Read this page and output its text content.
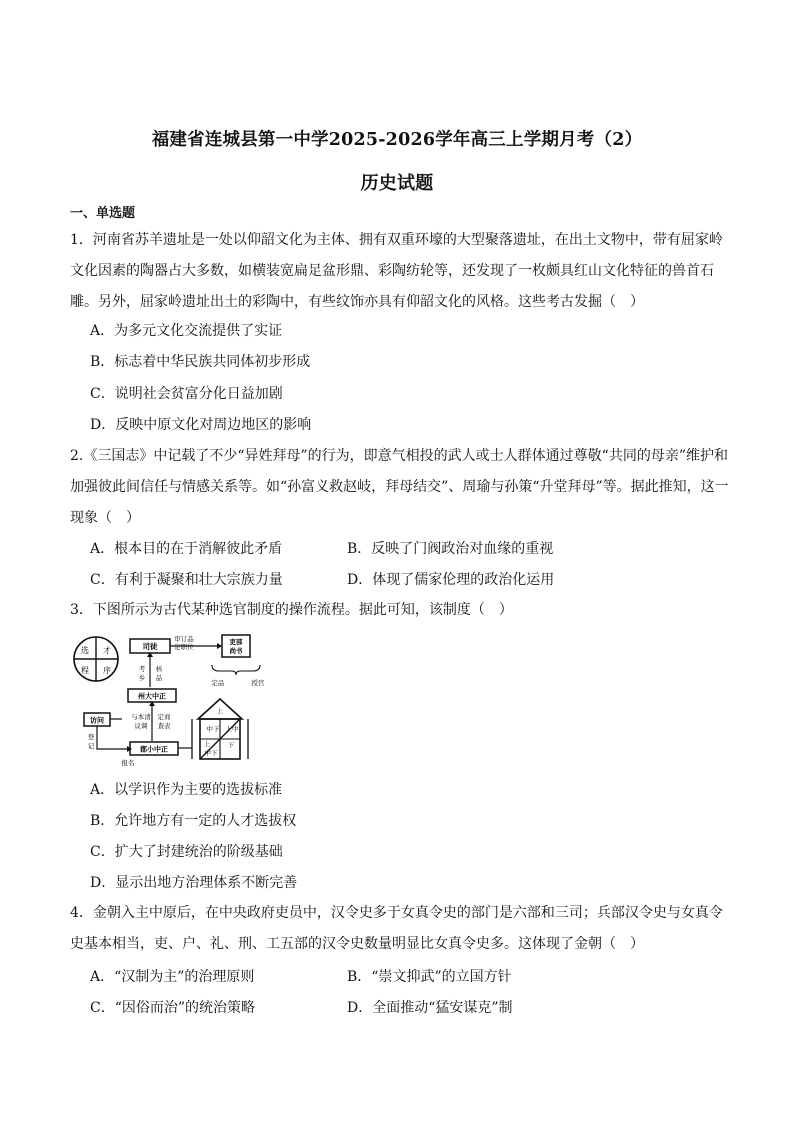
福建省连城县第一中学2025-2026学年高三上学期月考（2）
历史试题
一、单选题
1．河南省苏羊遗址是一处以仰韶文化为主体、拥有双重环壕的大型聚落遗址，在出土文物中，带有屈家岭
文化因素的陶器占大多数，如横装宽扁足盆形鼎、彩陶纺轮等，还发现了一枚颇具红山文化特征的兽首石
雕。另外，屈家岭遗址出土的彩陶中，有些纹饰亦具有仰韶文化的风格。这些考古发掘（　）
A．为多元文化交流提供了实证
B．标志着中华民族共同体初步形成
C．说明社会贫富分化日益加剧
D．反映中原文化对周边地区的影响
2.《三国志》中记载了不少“异姓拜母”的行为，即意气相投的武人或士人群体通过尊敬“共同的母亲”维护和
加强彼此间信任与情感关系等。如“孙富义救赵岐，拜母结交”、周瑜与孙策“升堂拜母”等。据此推知，这一
现象（　）
A．根本目的在于消解彼此矛盾	B．反映了门阀政治对血缘的重视
C．有利于凝聚和壮大宗族力量	D．体现了儒家伦理的政治化运用
3．下图所示为古代某种选官制度的操作流程。据此可知，该制度（　）
选 才
程 序
司徒
审订品
定职位
吏部
尚书
定品	授官
考
乡
核
品
州大中正
与本清
议调
定商
查表
访问
登
记	郡小中正
报名
上
中下 上中
下
上
中下
A．以学识作为主要的选拔标准
B．允许地方有一定的人才选拔权
C．扩大了封建统治的阶级基础
D．显示出地方治理体系不断完善
4．金朝入主中原后，在中央政府吏员中，汉令史多于女真令史的部门是六部和三司；兵部汉令史与女真令
史基本相当，吏、户、礼、刑、工五部的汉令史数量明显比女真令史多。这体现了金朝（　）
A．“汉制为主”的治理原则	B．“崇文抑武”的立国方针
C．“因俗而治”的统治策略	D．全面推动“猛安谋克”制
